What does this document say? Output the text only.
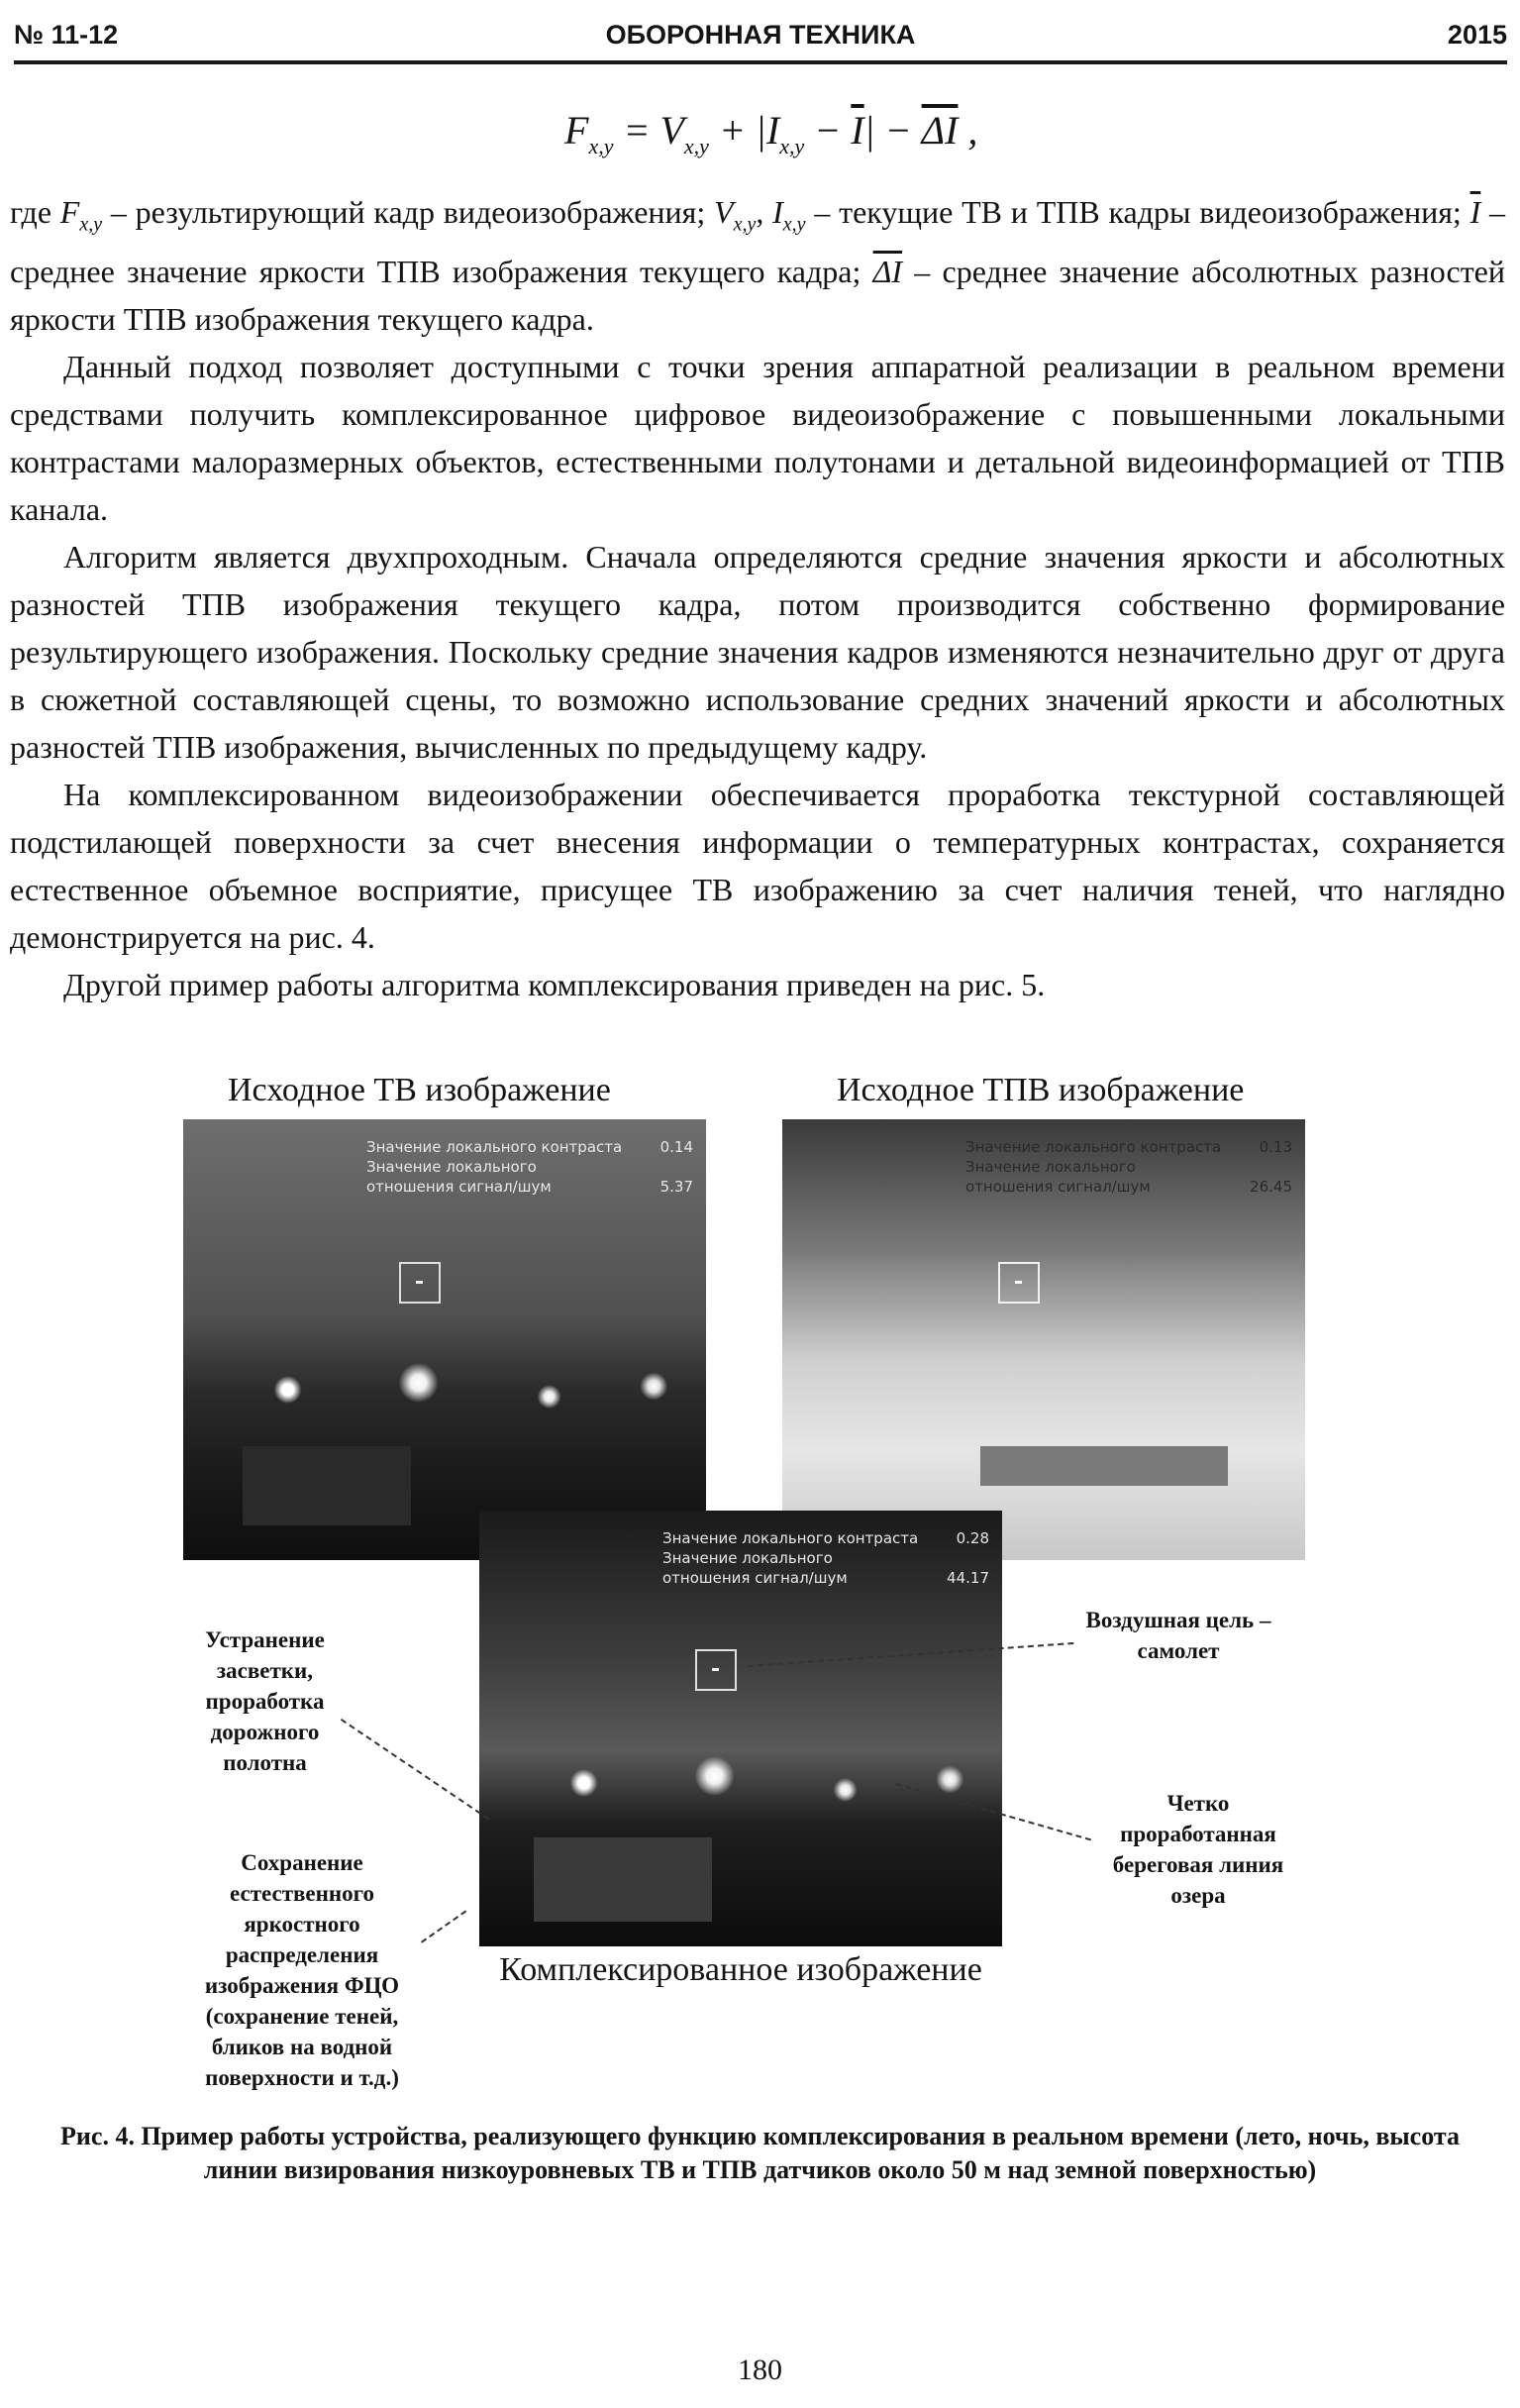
№ 11-12	ОБОРОННАЯ ТЕХНИКА	2015
$F_{x,y} = V_{x,y} + |I_{x,y} - \overline{I}| - \overline{\Delta I}$ ,

где $F_{x,y}$ – результирующий кадр видеоизображения; $V_{x,y}$, $I_{x,y}$ – текущие ТВ и ТПВ кадры видеоизображения; $\overline{I}$ – среднее значение яркости ТПВ изображения текущего кадра; $\overline{\Delta I}$ – среднее значение абсолютных разностей яркости ТПВ изображения текущего кадра.

Данный подход позволяет доступными с точки зрения аппаратной реализации в реальном времени средствами получить комплексированное цифровое видеоизображение с повышенными локальными контрастами малоразмерных объектов, естественными полутонами и детальной видеоинформацией от ТПВ канала.

Алгоритм является двухпроходным. Сначала определяются средние значения яркости и абсолютных разностей ТПВ изображения текущего кадра, потом производится собственно формирование результирующего изображения. Поскольку средние значения кадров изменяются незначительно друг от друга в сюжетной составляющей сцены, то возможно использование средних значений яркости и абсолютных разностей ТПВ изображения, вычисленных по предыдущему кадру.

На комплексированном видеоизображении обеспечивается проработка текстурной составляющей подстилающей поверхности за счет внесения информации о температурных контрастах, сохраняется естественное объемное восприятие, присущее ТВ изображению за счет наличия теней, что наглядно демонстрируется на рис. 4.

Другой пример работы алгоритма комплексирования приведен на рис. 5.

Исходное ТВ изображение	Исходное ТПВ изображение
Значение локального контраста	0.14
Значение локального
отношения сигнал/шум	5.37
Значение локального контраста	0.13
Значение локального
отношения сигнал/шум	26.45
Значение локального контраста	0.28
Значение локального
отношения сигнал/шум	44.17
Комплексированное изображение
Устранение засветки, проработка дорожного полотна
Сохранение естественного яркостного распределения изображения ФЦО (сохранение теней, бликов на водной поверхности и т.д.)
Воздушная цель – самолет
Четко проработанная береговая линия озера
Рис. 4. Пример работы устройства, реализующего функцию комплексирования в реальном времени (лето, ночь, высота линии визирования низкоуровневых ТВ и ТПВ датчиков около 50 м над земной поверхностью)
180
